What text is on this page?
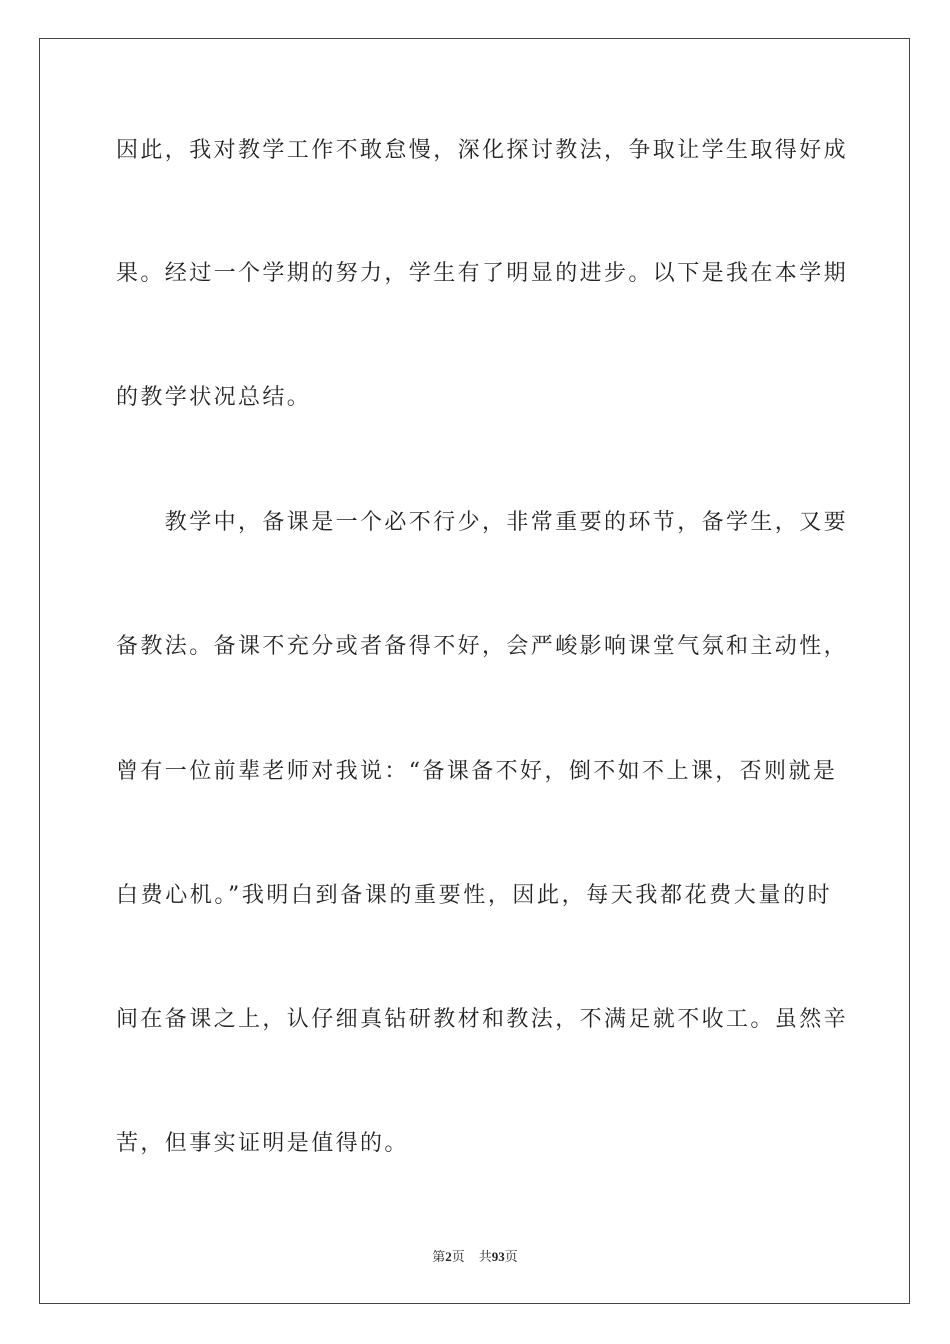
因此，我对教学工作不敢怠慢，深化探讨教法，争取让学生取得好成
果。经过一个学期的努力，学生有了明显的进步。以下是我在本学期
的教学状况总结。
　　教学中，备课是一个必不行少，非常重要的环节，备学生，又要
备教法。备课不充分或者备得不好，会严峻影响课堂气氛和主动性，
曾有一位前辈老师对我说：“备课备不好，倒不如不上课，否则就是
白费心机。”我明白到备课的重要性，因此，每天我都花费大量的时
间在备课之上，认仔细真钻研教材和教法，不满足就不收工。虽然辛
苦，但事实证明是值得的。
第2页 共93页
